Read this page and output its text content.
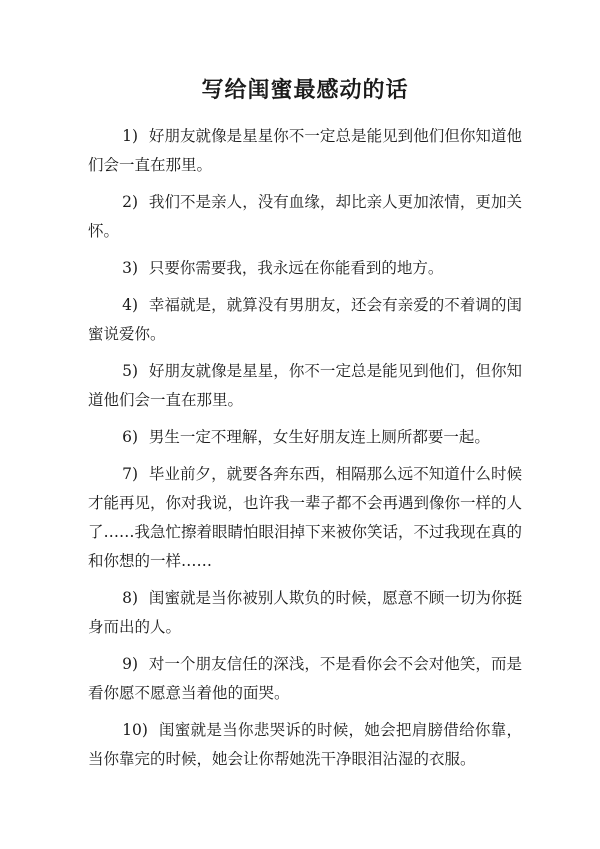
写给闺蜜最感动的话

1) 好朋友就像是星星你不一定总是能见到他们但你知道他们会一直在那里。

2) 我们不是亲人，没有血缘，却比亲人更加浓情，更加关怀。

3) 只要你需要我，我永远在你能看到的地方。

4) 幸福就是，就算没有男朋友，还会有亲爱的不着调的闺蜜说爱你。

5) 好朋友就像是星星，你不一定总是能见到他们，但你知道他们会一直在那里。

6) 男生一定不理解，女生好朋友连上厕所都要一起。

7) 毕业前夕，就要各奔东西，相隔那么远不知道什么时候才能再见，你对我说，也许我一辈子都不会再遇到像你一样的人了……我急忙擦着眼睛怕眼泪掉下来被你笑话，不过我现在真的和你想的一样……

8) 闺蜜就是当你被别人欺负的时候，愿意不顾一切为你挺身而出的人。

9) 对一个朋友信任的深浅，不是看你会不会对他笑，而是看你愿不愿意当着他的面哭。

10) 闺蜜就是当你悲哭诉的时候，她会把肩膀借给你靠，当你靠完的时候，她会让你帮她洗干净眼泪沾湿的衣服。
